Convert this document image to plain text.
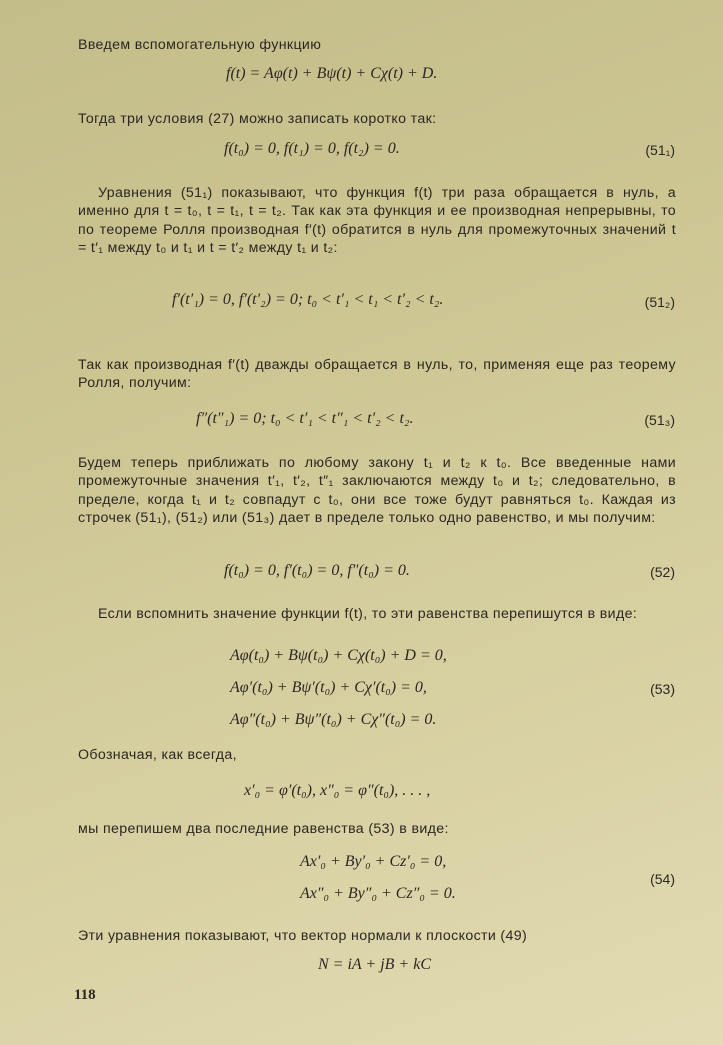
Введем вспомогательную функцию
f(t) = Aφ(t) + Bψ(t) + Cχ(t) + D.
Тогда три условия (27) можно записать коротко так:
f(t₀) = 0, f(t₁) = 0, f(t₂) = 0.	(51₁)
Уравнения (51₁) показывают, что функция f(t) три раза обращается в нуль, а именно для t = t₀, t = t₁, t = t₂. Так как эта функция и ее производная непрерывны, то по теореме Ролля производная f′(t) обратится в нуль для промежуточных значений t = t′₁ между t₀ и t₁ и t = t′₂ между t₁ и t₂:
f′(t′₁) = 0, f′(t′₂) = 0; t₀ < t′₁ < t₁ < t′₂ < t₂.	(51₂)
Так как производная f′(t) дважды обращается в нуль, то, применяя еще раз теорему Ролля, получим:
f″(t″₁) = 0; t₀ < t′₁ < t″₁ < t′₂ < t₂.	(51₃)
Будем теперь приближать по любому закону t₁ и t₂ к t₀. Все введенные нами промежуточные значения t′₁, t′₂, t″₁ заключаются между t₀ и t₂; следовательно, в пределе, когда t₁ и t₂ совпадут с t₀, они все тоже будут равняться t₀. Каждая из строчек (51₁), (51₂) или (51₃) дает в пределе только одно равенство, и мы получим:
f(t₀) = 0, f′(t₀) = 0, f″(t₀) = 0.	(52)
Если вспомнить значение функции f(t), то эти равенства перепишутся в виде:
Aφ(t₀) + Bψ(t₀) + Cχ(t₀) + D = 0,
Aφ′(t₀) + Bψ′(t₀) + Cχ′(t₀) = 0,
Aφ″(t₀) + Bψ″(t₀) + Cχ″(t₀) = 0.
(53)
Обозначая, как всегда,
x′₀ = φ′(t₀), x″₀ = φ″(t₀), . . . ,
мы перепишем два последние равенства (53) в виде:
Ax′₀ + By′₀ + Cz′₀ = 0,
Ax″₀ + By″₀ + Cz″₀ = 0.
(54)
Эти уравнения показывают, что вектор нормали к плоскости (49)
N = iA + jB + kC
118
